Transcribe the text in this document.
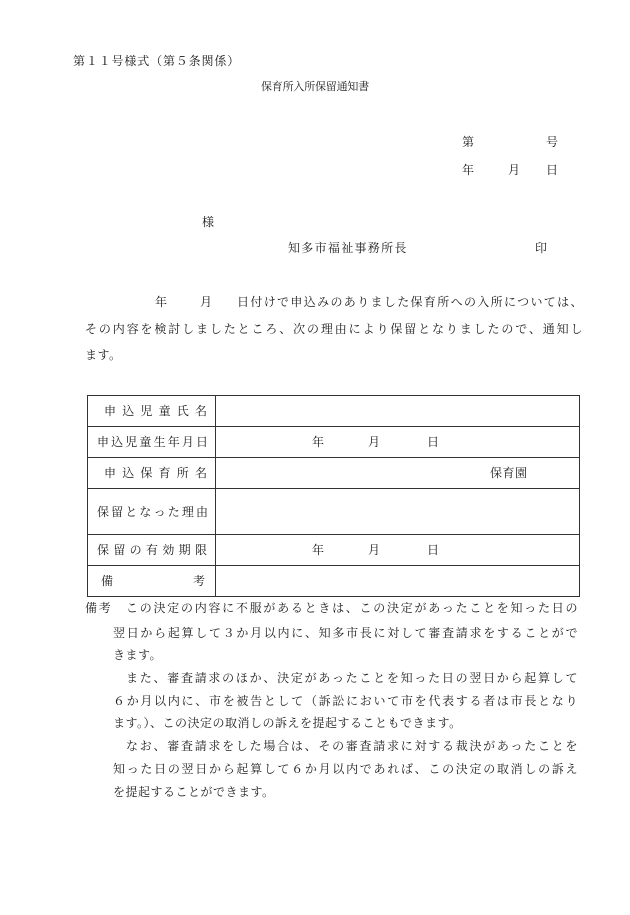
第１１号様式（第５条関係）
保育所入所保留通知書
第	号
年	月 日
様
知多市福祉事務所長	印
年	月 日付けで申込みのありました保育所への入所については、
その内容を検討しましたところ、次の理由により保留となりましたので、通知し
ます。
申込児童氏名
申込児童生年月日	年	月	日
申込保育所名	保育園
保留となった理由
保留の有効期限	年	月	日
備考
備考 この決定の内容に不服があるときは、この決定があったことを知った日の
翌日から起算して３か月以内に、知多市長に対して審査請求をすることがで
きます。
また、審査請求のほか、決定があったことを知った日の翌日から起算して
６か月以内に、市を被告として（訴訟において市を代表する者は市長となり
ます。）、この決定の取消しの訴えを提起することもできます。
なお、審査請求をした場合は、その審査請求に対する裁決があったことを
知った日の翌日から起算して６か月以内であれば、この決定の取消しの訴え
を提起することができます。
